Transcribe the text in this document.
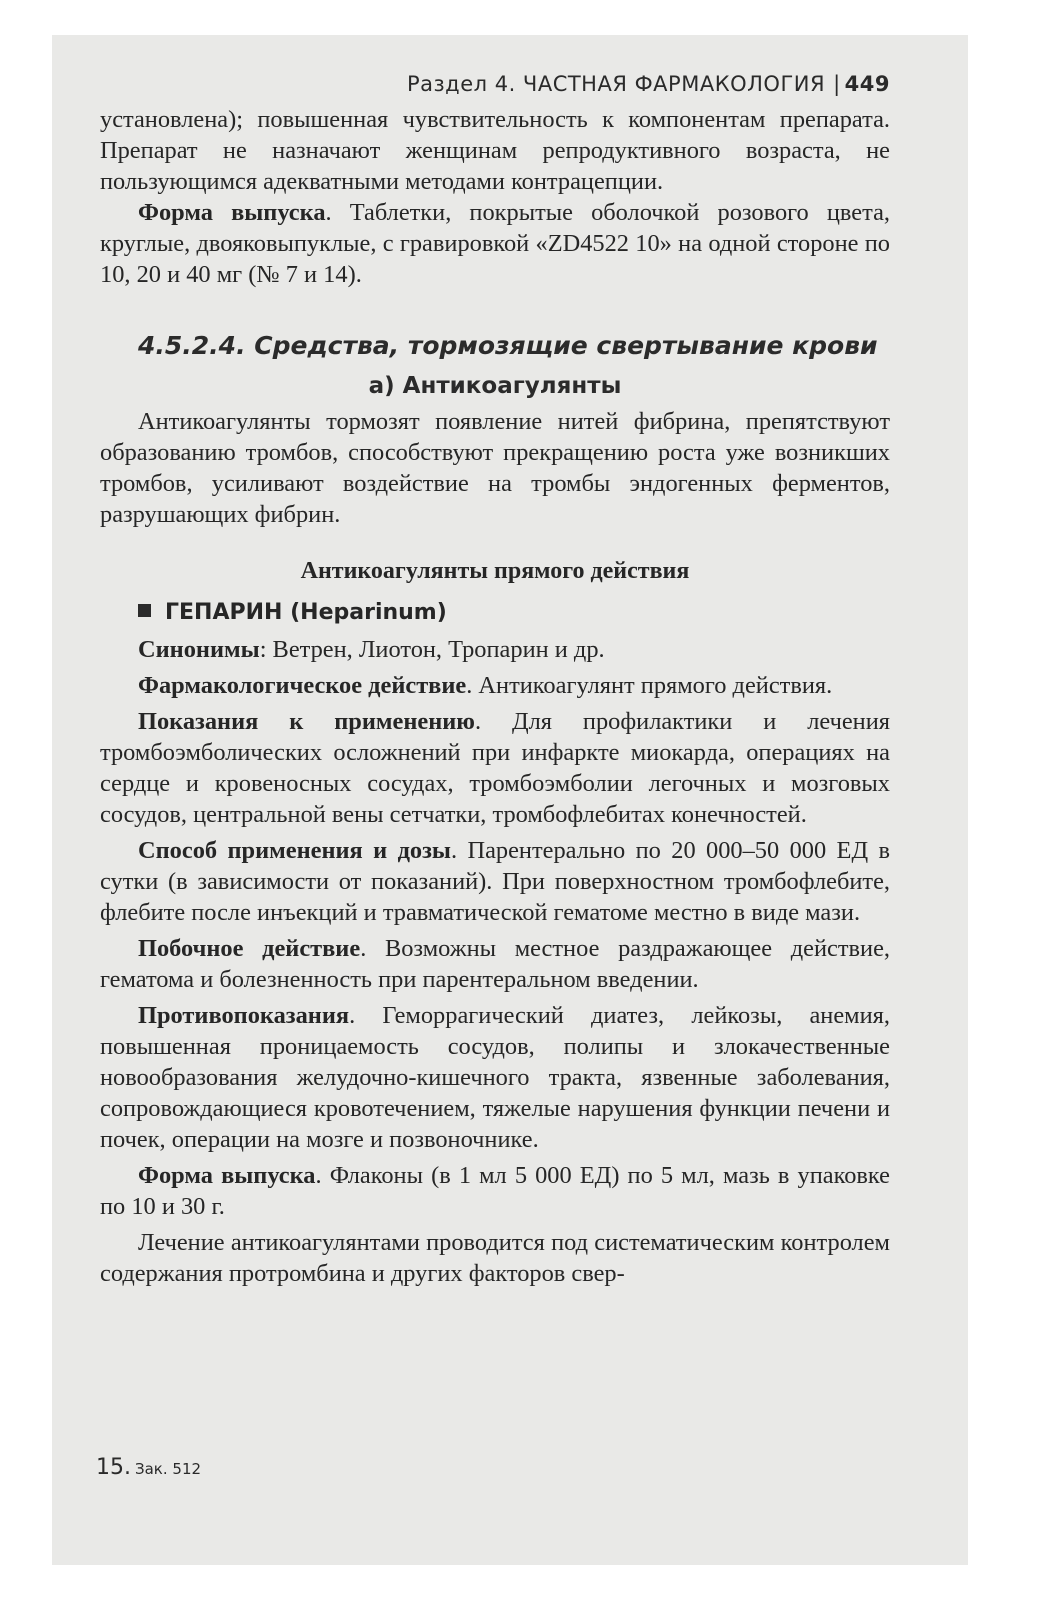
Раздел 4. ЧАСТНАЯ ФАРМАКОЛОГИЯ | 449

установлена); повышенная чувствительность к компонентам препарата. Препарат не назначают женщинам репродуктивного возраста, не пользующимся адекватными методами контрацепции.

Форма выпуска. Таблетки, покрытые оболочкой розового цвета, круглые, двояковыпуклые, с гравировкой «ZD4522 10» на одной стороне по 10, 20 и 40 мг (№ 7 и 14).

4.5.2.4. Средства, тормозящие свертывание крови
а) Антикоагулянты

Антикоагулянты тормозят появление нитей фибрина, препятствуют образованию тромбов, способствуют прекращению роста уже возникших тромбов, усиливают воздействие на тромбы эндогенных ферментов, разрушающих фибрин.

Антикоагулянты прямого действия
ГЕПАРИН (Heparinum)

Синонимы: Ветрен, Лиотон, Тропарин и др.

Фармакологическое действие. Антикоагулянт прямого действия.

Показания к применению. Для профилактики и лечения тромбоэмболических осложнений при инфаркте миокарда, операциях на сердце и кровеносных сосудах, тромбоэмболии легочных и мозговых сосудов, центральной вены сетчатки, тромбофлебитах конечностей.

Способ применения и дозы. Парентерально по 20 000–50 000 ЕД в сутки (в зависимости от показаний). При поверхностном тромбофлебите, флебите после инъекций и травматической гематоме местно в виде мази.

Побочное действие. Возможны местное раздражающее действие, гематома и болезненность при парентеральном введении.

Противопоказания. Геморрагический диатез, лейкозы, анемия, повышенная проницаемость сосудов, полипы и злокачественные новообразования желудочно-кишечного тракта, язвенные заболевания, сопровождающиеся кровотечением, тяжелые нарушения функции печени и почек, операции на мозге и позвоночнике.

Форма выпуска. Флаконы (в 1 мл 5 000 ЕД) по 5 мл, мазь в упаковке по 10 и 30 г.

Лечение антикоагулянтами проводится под систематическим контролем содержания протромбина и других факторов свер-

15. Зак. 512
